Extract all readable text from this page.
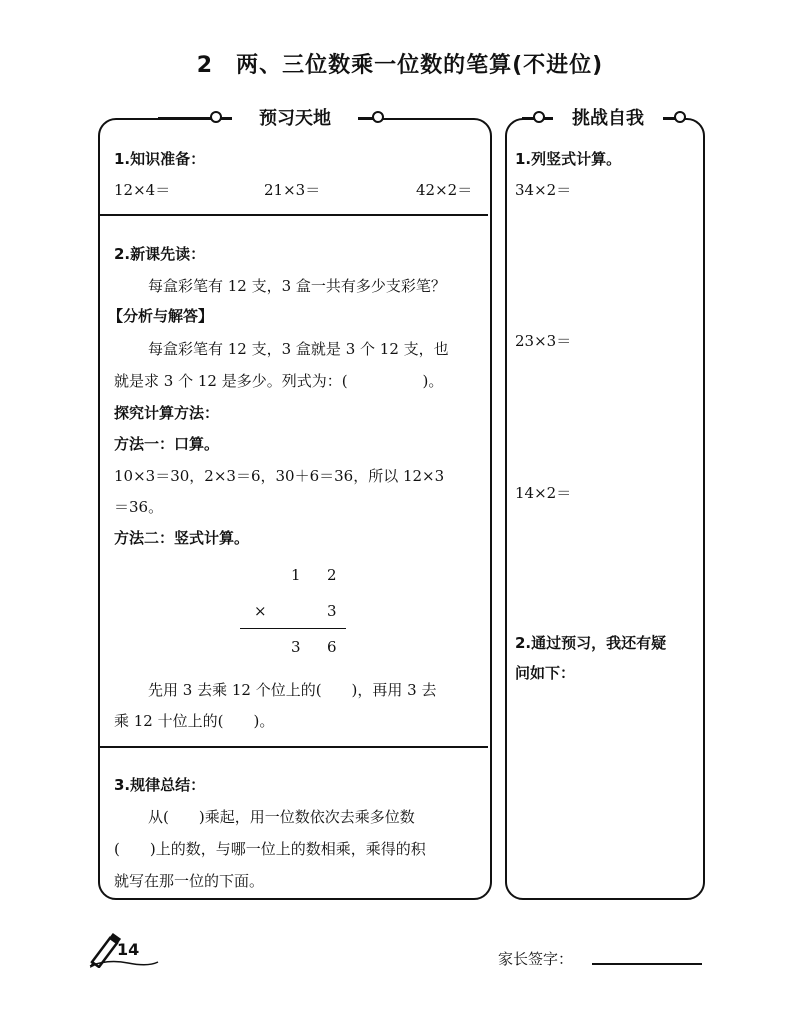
2　两、三位数乘一位数的笔算(不进位)
预习天地
1.知识准备：
12×4＝	21×3＝	42×2＝
2.新课先读：
每盒彩笔有 12 支，3 盒一共有多少支彩笔？
【分析与解答】
每盒彩笔有 12 支，3 盒就是 3 个 12 支，也
就是求 3 个 12 是多少。列式为：(　　　　　)。
探究计算方法：
方法一：口算。
10×3＝30，2×3＝6，30＋6＝36，所以 12×3
＝36。
方法二：竖式计算。
1 2
×	3
3 6
先用 3 去乘 12 个位上的(　　)，再用 3 去
乘 12 十位上的(　　)。
3.规律总结：
从(　　)乘起，用一位数依次去乘多位数
(　　)上的数，与哪一位上的数相乘，乘得的积
就写在那一位的下面。
挑战自我
1.列竖式计算。
34×2＝
23×3＝
14×2＝
2.通过预习，我还有疑
问如下：
14	家长签字：
